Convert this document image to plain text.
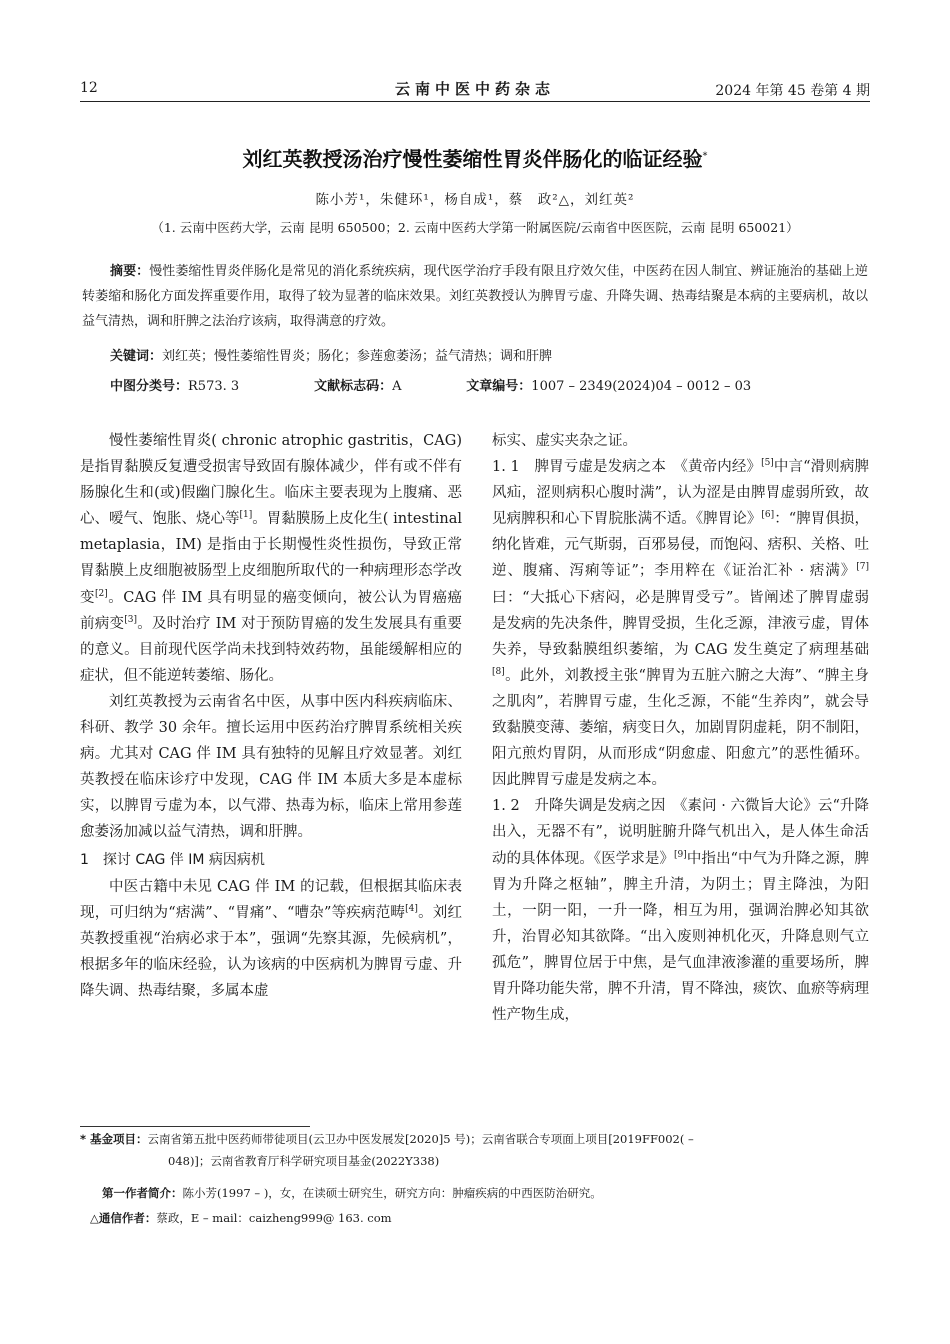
12	云南中医中药杂志	2024 年第 45 卷第 4 期
刘红英教授汤治疗慢性萎缩性胃炎伴肠化的临证经验*
陈小芳¹，朱健环¹，杨自成¹，蔡　政²△，刘红英²
（1. 云南中医药大学，云南 昆明 650500；2. 云南中医药大学第一附属医院/云南省中医医院，云南 昆明 650021）
摘要：慢性萎缩性胃炎伴肠化是常见的消化系统疾病，现代医学治疗手段有限且疗效欠佳，中医药在因人制宜、辨证施治的基础上逆转萎缩和肠化方面发挥重要作用，取得了较为显著的临床效果。刘红英教授认为脾胃亏虚、升降失调、热毒结聚是本病的主要病机，故以益气清热，调和肝脾之法治疗该病，取得满意的疗效。
关键词：刘红英；慢性萎缩性胃炎；肠化；参莲愈萎汤；益气清热；调和肝脾
中图分类号：R573. 3	文献标志码：A	文章编号：1007 – 2349(2024)04 – 0012 – 03

慢性萎缩性胃炎( chronic atrophic gastritis，CAG) 是指胃黏膜反复遭受损害导致固有腺体减少，伴有或不伴有肠腺化生和(或)假幽门腺化生。临床主要表现为上腹痛、恶心、嗳气、饱胀、烧心等[1]。胃黏膜肠上皮化生( intestinal metaplasia，IM) 是指由于长期慢性炎性损伤，导致正常胃黏膜上皮细胞被肠型上皮细胞所取代的一种病理形态学改变[2]。CAG 伴 IM 具有明显的癌变倾向，被公认为胃癌癌前病变[3]。及时治疗 IM 对于预防胃癌的发生发展具有重要的意义。目前现代医学尚未找到特效药物，虽能缓解相应的症状，但不能逆转萎缩、肠化。

刘红英教授为云南省名中医，从事中医内科疾病临床、科研、教学 30 余年。擅长运用中医药治疗脾胃系统相关疾病。尤其对 CAG 伴 IM 具有独特的见解且疗效显著。刘红英教授在临床诊疗中发现，CAG 伴 IM 本质大多是本虚标实，以脾胃亏虚为本，以气滞、热毒为标，临床上常用参莲愈萎汤加减以益气清热，调和肝脾。

1　探讨 CAG 伴 IM 病因病机

中医古籍中未见 CAG 伴 IM 的记载，但根据其临床表现，可归纳为“痞满”、“胃痛”、“嘈杂”等疾病范畴[4]。刘红英教授重视“治病必求于本”，强调“先察其源，先候病机”，根据多年的临床经验，认为该病的中医病机为脾胃亏虚、升降失调、热毒结聚，多属本虚

标实、虚实夹杂之证。

1. 1　脾胃亏虚是发病之本　 《黄帝内经》[5]中言“滑则病脾风疝，涩则病积心腹时满”，认为涩是由脾胃虚弱所致，故见病脾积和心下胃脘胀满不适。《脾胃论》[6]：“脾胃俱损，纳化皆难，元气斯弱，百邪易侵，而饱闷、痞积、关格、吐逆、腹痛、泻痢等证”；李用粹在《证治汇补 · 痞满》[7]曰：“大抵心下痞闷，必是脾胃受亏”。皆阐述了脾胃虚弱是发病的先决条件，脾胃受损，生化乏源，津液亏虚，胃体失养，导致黏膜组织萎缩，为 CAG 发生奠定了病理基础[8]。此外，刘教授主张“脾胃为五脏六腑之大海”、“脾主身之肌肉”，若脾胃亏虚，生化乏源，不能“生养肉”，就会导致黏膜变薄、萎缩，病变日久，加剧胃阴虚耗，阴不制阳，阳亢煎灼胃阴，从而形成“阴愈虚、阳愈亢”的恶性循环。因此脾胃亏虚是发病之本。

1. 2　升降失调是发病之因　 《素问 · 六微旨大论》云“升降出入，无器不有”，说明脏腑升降气机出入，是人体生命活动的具体体现。《医学求是》[9]中指出“中气为升降之源，脾胃为升降之枢轴”，脾主升清，为阴土；胃主降浊，为阳土，一阴一阳，一升一降，相互为用，强调治脾必知其欲升，治胃必知其欲降。“出入废则神机化灭，升降息则气立孤危”，脾胃位居于中焦，是气血津液渗灌的重要场所，脾胃升降功能失常，脾不升清，胃不降浊，痰饮、血瘀等病理性产物生成，

* 基金项目：云南省第五批中医药师带徒项目(云卫办中医发展发[2020]5 号)；云南省联合专项面上项目[2019FF002( –
048)]；云南省教育厅科学研究项目基金(2022Y338)
第一作者简介：陈小芳(1997 – )，女，在读硕士研究生，研究方向：肿瘤疾病的中西医防治研究。
△通信作者：蔡政，E – mail：caizheng999@ 163. com
